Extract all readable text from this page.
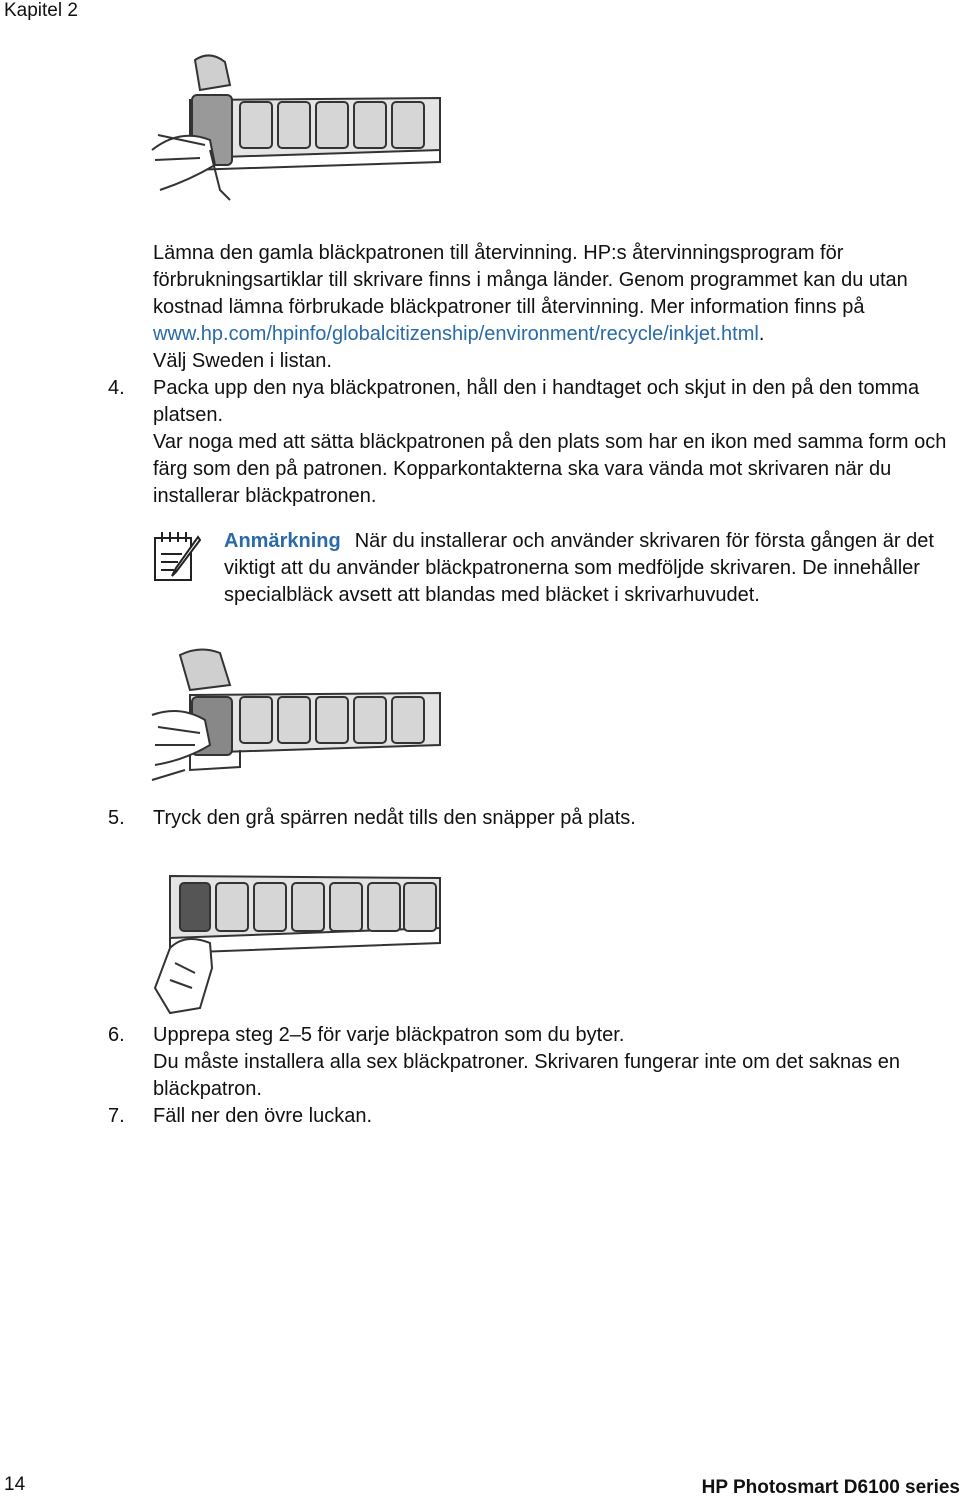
Kapitel 2
Lämna den gamla bläckpatronen till återvinning. HP:s återvinningsprogram för förbrukningsartiklar till skrivare finns i många länder. Genom programmet kan du utan kostnad lämna förbrukade bläckpatroner till återvinning. Mer information finns på www.hp.com/hpinfo/globalcitizenship/environment/recycle/inkjet.html.
Välj Sweden i listan.
4. Packa upp den nya bläckpatronen, håll den i handtaget och skjut in den på den tomma platsen.

Var noga med att sätta bläckpatronen på den plats som har en ikon med samma form och färg som den på patronen. Kopparkontakterna ska vara vända mot skrivaren när du installerar bläckpatronen.

Anmärkning När du installerar och använder skrivaren för första gången är det viktigt att du använder bläckpatronerna som medföljde skrivaren. De innehåller specialbläck avsett att blandas med bläcket i skrivarhuvudet.

5. Tryck den grå spärren nedåt tills den snäpper på plats.

6. Upprepa steg 2–5 för varje bläckpatron som du byter.

Du måste installera alla sex bläckpatroner. Skrivaren fungerar inte om det saknas en bläckpatron.

7. Fäll ner den övre luckan.

14	HP Photosmart D6100 series
